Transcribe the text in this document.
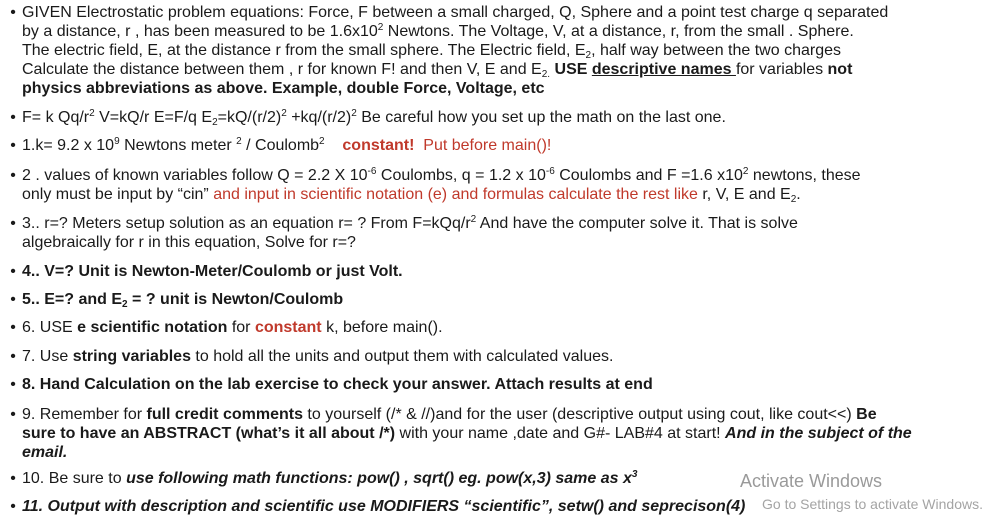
• GIVEN Electrostatic problem equations: Force, F between a small charged, Q, Sphere and a point test charge q separated
by a distance, r , has been measured to be $1.6x10^2$ Newtons. The Voltage, V, at a distance, r, from the small . Sphere.
The electric field, E, at the distance r from the small sphere. The Electric field, $E_2$, half way between the two charges
Calculate the distance between them , r for known F! and then V, E and $E_{2.}$ USE descriptive names for variables not
physics abbreviations as above. Example, double Force, Voltage, etc
• F= k $Qq/r^2$ V=kQ/r E=F/q $E_2=kQ/(r/2)^2 +kq/(r/2)^2$ Be careful how you set up the math on the last one.
• 1.k= 9.2 x $10^9$ Newtons meter $^2$ / Coulomb$^2$ constant! Put before main()!
• 2 . values of known variables follow Q = 2.2 X $10^{-6}$ Coulombs, q = 1.2 x $10^{-6}$ Coulombs and F =1.6 $x10^2$ newtons, these
only must be input by “cin” and input in scientific notation (e) and formulas calculate the rest like r, V, E and $E_2$.
• 3.. r=? Meters setup solution as an equation r= ? From $F=kQq/r^2$ And have the computer solve it. That is solve
algebraically for r in this equation, Solve for r=?
• 4.. V=? Unit is Newton-Meter/Coulomb or just Volt.
• 5.. E=? and $E_2$ = ? unit is Newton/Coulomb
• 6. USE e scientific notation for constant k, before main().
• 7. Use string variables to hold all the units and output them with calculated values.
• 8. Hand Calculation on the lab exercise to check your answer. Attach results at end
• 9. Remember for full credit comments to yourself (/* & //)and for the user (descriptive output using cout, like cout<<) Be
sure to have an ABSTRACT (what’s it all about /*) with your name ,date and G#- LAB#4 at start! And in the subject of the
email.
• 10. Be sure to use following math functions: pow() , sqrt() eg. pow(x,3) same as $x^3$
• 11. Output with description and scientific use MODIFIERS “scientific”, setw() and seprecison(4)
Activate Windows
Go to Settings to activate Windows.
